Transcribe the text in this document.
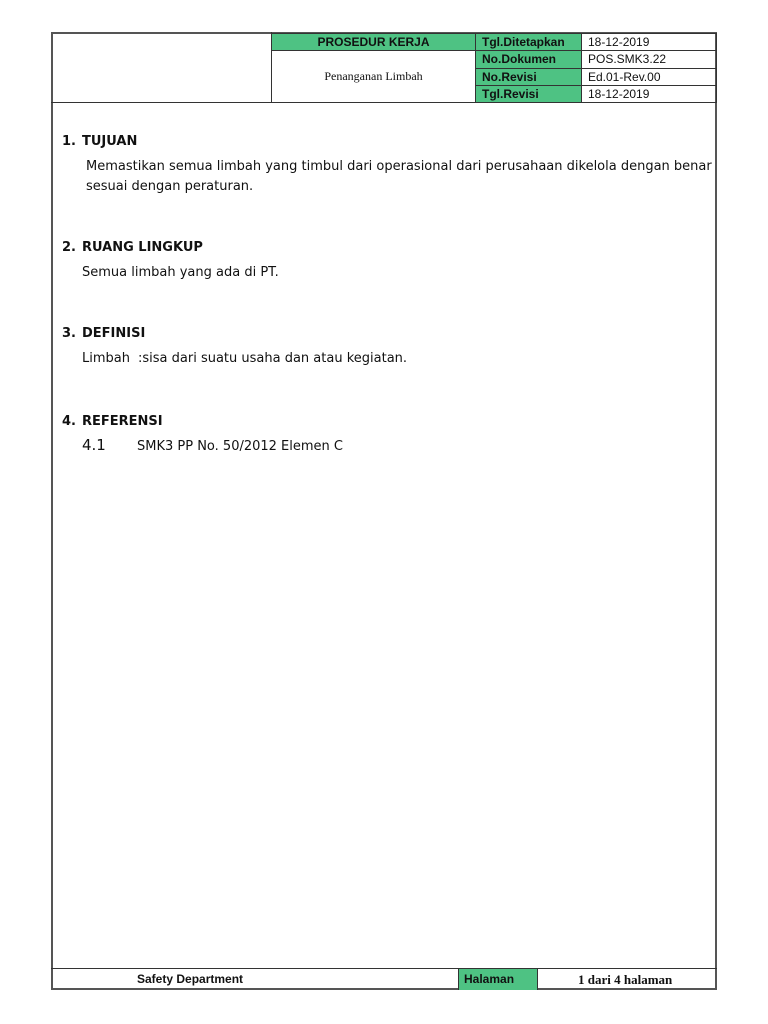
PROSEDUR KERJA	Tgl.Ditetapkan	18-12-2019
Penanganan Limbah	No.Dokumen	POS.SMK3.22
	No.Revisi	Ed.01-Rev.00
	Tgl.Revisi	18-12-2019
1. TUJUAN
Memastikan semua limbah yang timbul dari operasional dari perusahaan dikelola dengan benar
sesuai dengan peraturan.
2. RUANG LINGKUP
Semua limbah yang ada di PT.
3. DEFINISI
Limbah :sisa dari suatu usaha dan atau kegiatan.
4. REFERENSI
4.1 SMK3 PP No. 50/2012 Elemen C
Safety Department	Halaman	1 dari 4 halaman
